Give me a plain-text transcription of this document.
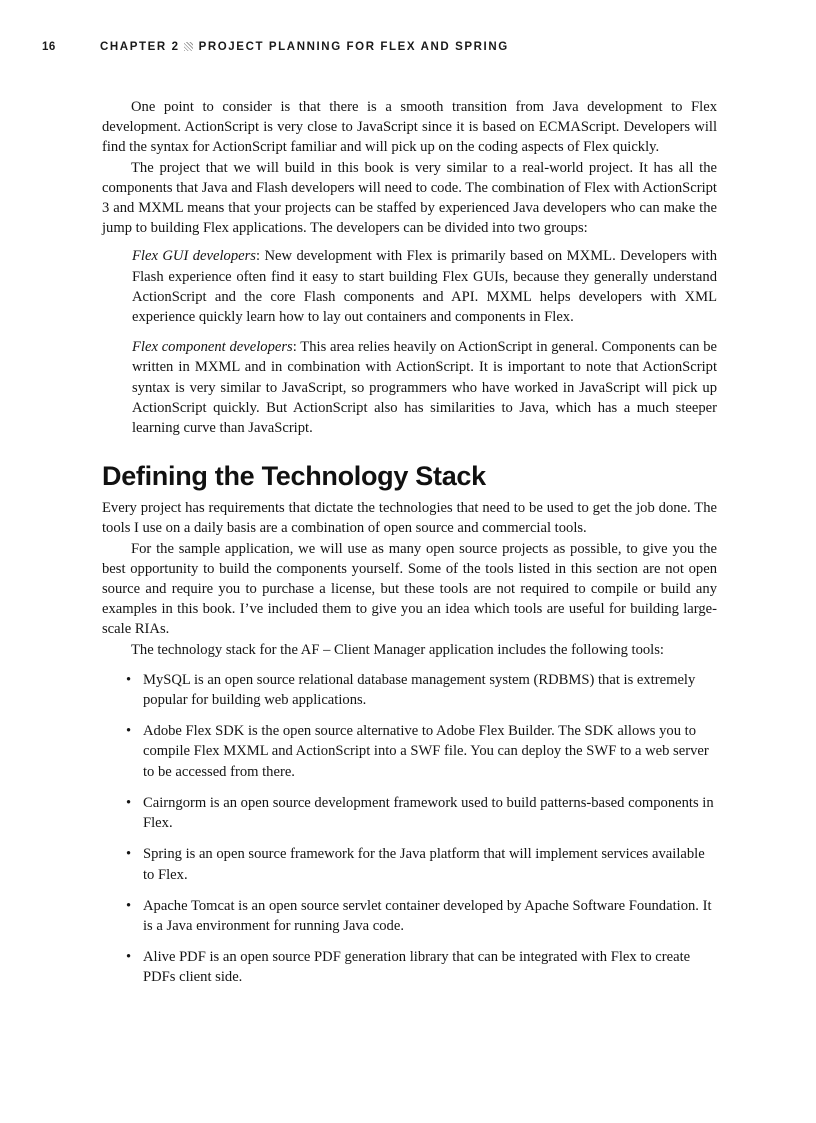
16	CHAPTER 2 PROJECT PLANNING FOR FLEX AND SPRING

One point to consider is that there is a smooth transition from Java development to Flex development. ActionScript is very close to JavaScript since it is based on ECMAScript. Developers will find the syntax for ActionScript familiar and will pick up on the coding aspects of Flex quickly.

The project that we will build in this book is very similar to a real-world project. It has all the components that Java and Flash developers will need to code. The combination of Flex with ActionScript 3 and MXML means that your projects can be staffed by experienced Java developers who can make the jump to building Flex applications. The developers can be divided into two groups:

Flex GUI developers: New development with Flex is primarily based on MXML. Developers with Flash experience often find it easy to start building Flex GUIs, because they generally understand ActionScript and the core Flash components and API. MXML helps developers with XML experience quickly learn how to lay out containers and components in Flex.

Flex component developers: This area relies heavily on ActionScript in general. Components can be written in MXML and in combination with ActionScript. It is important to note that ActionScript syntax is very similar to JavaScript, so programmers who have worked in JavaScript will pick up ActionScript quickly. But ActionScript also has similarities to Java, which has a much steeper learning curve than JavaScript.

Defining the Technology Stack

Every project has requirements that dictate the technologies that need to be used to get the job done. The tools I use on a daily basis are a combination of open source and commercial tools.

For the sample application, we will use as many open source projects as possible, to give you the best opportunity to build the components yourself. Some of the tools listed in this section are not open source and require you to purchase a license, but these tools are not required to compile or build any examples in this book. I’ve included them to give you an idea which tools are useful for building large-scale RIAs.

The technology stack for the AF – Client Manager application includes the following tools:

• MySQL is an open source relational database management system (RDBMS) that is extremely popular for building web applications.
• Adobe Flex SDK is the open source alternative to Adobe Flex Builder. The SDK allows you to compile Flex MXML and ActionScript into a SWF file. You can deploy the SWF to a web server to be accessed from there.
• Cairngorm is an open source development framework used to build patterns-based components in Flex.
• Spring is an open source framework for the Java platform that will implement services available to Flex.
• Apache Tomcat is an open source servlet container developed by Apache Software Foundation. It is a Java environment for running Java code.
• Alive PDF is an open source PDF generation library that can be integrated with Flex to create PDFs client side.
